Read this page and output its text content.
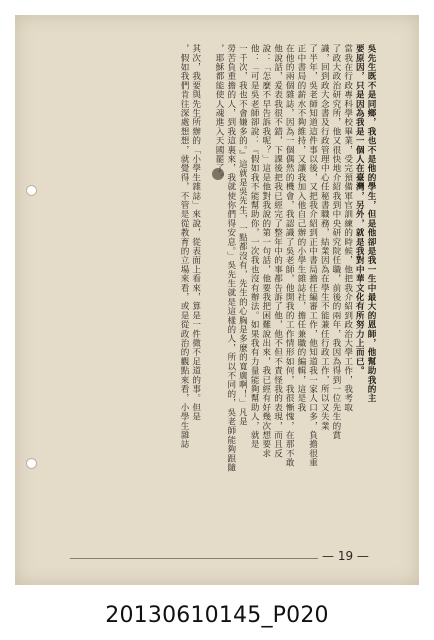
吳先生既不是同鄉，我也不是他的學生，但是他卻是我一生中最大的恩師，他幫助我的主
要原因，只是因為我是一個人在臺灣，另外，就是我對中華文化有所努力上而已。
當我在行政專科學校畢業，受完預備軍官訓練的時候，他把我介紹到政治大學工作，我考取
了政大政治研究所，他又很快地介紹我到中央研究院任職，前後的兩年，我因為得到一位先生的賞
識，回到政大念書及行政管理中心任秘書職務，結業因為在學生不能兼任行政工作，所以又失業
了半年，吳老師知道這件事以後，又把我介紹到正中書局擔任編審工作，他知道我一家人口多，負擔很重
正中書局的薪水不夠維持，又讓我加入他自己辦的小學生雜誌社，擔任兼職的編輯，這是我
在他的兩個雜誌，因為一個偶然的機會，我認識了吳老師，他開我的工作情形如何，我很慚愧，在那不敢
他說話，爰表我很不錯，下課後把我已經完了整年中的事都告訴了他，他不但不責怪我的表現，而且反
說：「怎麼不早告訴我呢？」這是他對我說的第一句話，他要我把困難說出來，我已經有好幾次想要求
他：「可是吳老師卻說：『假如我不能幫助你，一次我也沒有辦法。如果我有力量能夠幫助人，就是
一千次，我也不會嫌多的。』這就是吳先生，一點都沒有，先生的心胸是多麼的寬廣啊！」凡是
勞苦負重擔的人，到我這裏來，我就使你們得安息。」吳先生就是這樣的人，所以不同的，吳老師能夠跟隨
，耶穌都能使人魂進入天國罷了。
其次，我要與先生所辦的「小學生雜誌」來說，從表面上看來，算是一件微不足道的事。但是
，假如我們肯往深處想想，就覺得，不管是從教育的立場來看，或是從政治的觀點來看，小學生雜誌
— 19 —
20130610145_P020
